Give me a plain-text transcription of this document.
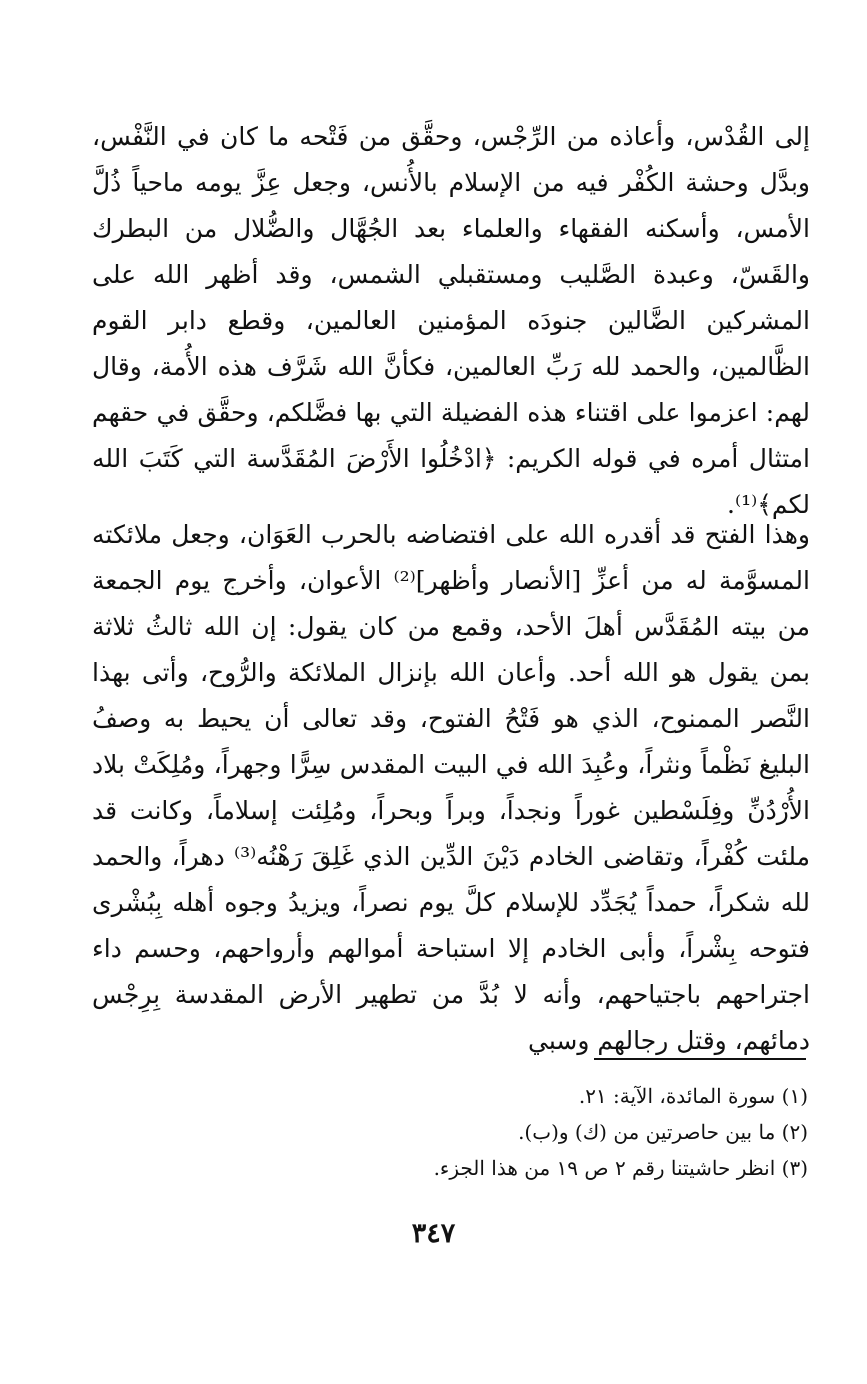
إلى القُدْس، وأعاذه من الرِّجْس، وحقَّق من فَتْحه ما كان في النَّفْس، وبدَّل وحشة الكُفْر فيه من الإسلام بالأُنس، وجعل عِزَّ يومه ماحياً ذُلَّ الأمس، وأسكنه الفقهاء والعلماء بعد الجُهَّال والضُّلال من البطرك والقَسّ، وعبدة الصَّليب ومستقبلي الشمس، وقد أظهر الله على المشركين الضَّالين جنودَه المؤمنين العالمين، وقطع دابر القوم الظَّالمين، والحمد لله رَبِّ العالمين، فكأنَّ الله شَرَّف هذه الأُمة، وقال لهم: اعزموا على اقتناء هذه الفضيلة التي بها فضَّلكم، وحقَّق في حقهم امتثال أمره في قوله الكريم: ﴿ادْخُلُوا الأَرْضَ المُقَدَّسة التي كَتَبَ الله لكم﴾⁽¹⁾.

وهذا الفتح قد أقدره الله على افتضاضه بالحرب العَوَان، وجعل ملائكته المسوَّمة له من أعزِّ [الأنصار وأظهر]⁽²⁾ الأعوان، وأخرج يوم الجمعة من بيته المُقَدَّس أهلَ الأحد، وقمع من كان يقول: إن الله ثالثُ ثلاثة بمن يقول هو الله أحد. وأعان الله بإنزال الملائكة والرُّوح، وأتى بهذا النَّصر الممنوح، الذي هو فَتْحُ الفتوح، وقد تعالى أن يحيط به وصفُ البليغ نَظْماً ونثراً، وعُبِدَ الله في البيت المقدس سِرًّا وجهراً، ومُلِكَتْ بلاد الأُرْدُنِّ وفِلَسْطين غوراً ونجداً، وبراً وبحراً، ومُلِئت إسلاماً، وكانت قد ملئت كُفْراً، وتقاضى الخادم دَيْنَ الدِّين الذي غَلِقَ رَهْنُه⁽³⁾ دهراً، والحمد لله شكراً، حمداً يُجَدِّد للإسلام كلَّ يوم نصراً، ويزيدُ وجوه أهله بِبُشْرى فتوحه بِشْراً، وأبى الخادم إلا استباحة أموالهم وأرواحهم، وحسم داء اجتراحهم باجتياحهم، وأنه لا بُدَّ من تطهير الأرض المقدسة بِرِجْس دمائهم، وقتل رجالهم وسبي

(١) سورة المائدة، الآية: ٢١.

(٢) ما بين حاصرتين من (ك) و(ب).

(٣) انظر حاشيتنا رقم ٢ ص ١٩ من هذا الجزء.

٣٤٧
